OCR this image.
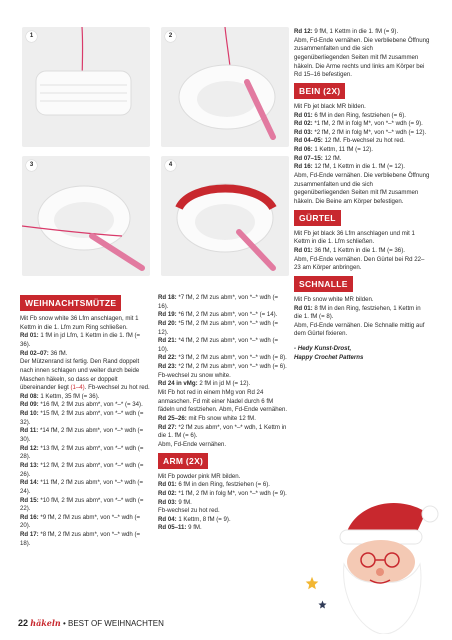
1	2
3	4
WEIHNACHTSMÜTZE

Mit Fb snow white 36 Lfm anschlagen, mit 1 Kettm in die 1. Lfm zum Ring schließen.

Rd 01: 1 fM in jd Lfm, 1 Kettm in die 1. fM (= 36).

Rd 02–07: 36 fM.

Der Mützenrand ist fertig. Den Rand doppelt nach innen schlagen und weiter durch beide Maschen häkeln, so dass er doppelt übereinander liegt (1–4). Fb-wechsel zu hot red.

Rd 08: 1 Kettm, 35 fM (= 36).

Rd 09: *16 fM, 2 fM zus abm*, von *–* (= 34).

Rd 10: *15 fM, 2 fM zus abm*, von *–* wdh (= 32).

Rd 11: *14 fM, 2 fM zus abm*, von *–* wdh (= 30).

Rd 12: *13 fM, 2 fM zus abm*, von *–* wdh (= 28).

Rd 13: *12 fM, 2 fM zus abm*, von *–* wdh (= 26).

Rd 14: *11 fM, 2 fM zus abm*, von *–* wdh (= 24).

Rd 15: *10 fM, 2 fM zus abm*, von *–* wdh (= 22).

Rd 16: *9 fM, 2 fM zus abm*, von *–* wdh (= 20).

Rd 17: *8 fM, 2 fM zus abm*, von *–* wdh (= 18).

Rd 18: *7 fM, 2 fM zus abm*, von *–* wdh (= 16).

Rd 19: *6 fM, 2 fM zus abm*, von *–* (= 14).

Rd 20: *5 fM, 2 fM zus abm*, von *–* wdh (= 12).

Rd 21: *4 fM, 2 fM zus abm*, von *–* wdh (= 10).

Rd 22: *3 fM, 2 fM zus abm*, von *–* wdh (= 8).

Rd 23: *2 fM, 2 fM zus abm*, von *–* wdh (= 6).

Fb-wechsel zu snow white.

Rd 24 in vMg: 2 fM in jd M (= 12).

Mit Fb hot red in einem hMg von Rd 24 anmaschen. Fd mit einer Nadel durch 6 fM fädeln und festziehen. Abm, Fd-Ende vernähen.

Rd 25–26: mit Fb snow white 12 fM.

Rd 27: *2 fM zus abm*, von *–* wdh, 1 Kettm in die 1. fM (= 6).

Abm, Fd-Ende vernähen.

ARM (2X)

Mit Fb powder pink MR bilden.

Rd 01: 6 fM in den Ring, festziehen (= 6).

Rd 02: *1 fM, 2 fM in folg M*, von *–* wdh (= 9).

Rd 03: 9 fM.

Fb-wechsel zu hot red.

Rd 04: 1 Kettm, 8 fM (= 9).

Rd 05–11: 9 fM.

Rd 12: 9 fM, 1 Kettm in die 1. fM (= 9).

Abm, Fd-Ende vernähen. Die verbliebene Öffnung zusammenfalten und die sich gegenüberliegenden Seiten mit fM zusammen häkeln. Die Arme rechts und links am Körper bei Rd 15–16 befestigen.

BEIN (2X)

Mit Fb jet black MR bilden.

Rd 01: 6 fM in den Ring, festziehen (= 6).

Rd 02: *1 fM, 2 fM in folg M*, von *–* wdh (= 9).

Rd 03: *2 fM, 2 fM in folg M*, von *–* wdh (= 12).

Rd 04–05: 12 fM. Fb-wechsel zu hot red.

Rd 06: 1 Kettm, 11 fM (= 12).

Rd 07–15: 12 fM.

Rd 16: 12 fM, 1 Kettm in die 1. fM (= 12).

Abm, Fd-Ende vernähen. Die verbliebene Öffnung zusammenfalten und die sich gegenüberliegenden Seiten mit fM zusammen häkeln. Die Beine am Körper befestigen.

GÜRTEL

Mit Fb jet black 36 Lfm anschlagen und mit 1 Kettm in die 1. Lfm schließen.

Rd 01: 36 fM, 1 Kettm in die 1. fM (= 36).

Abm, Fd-Ende vernähen. Den Gürtel bei Rd 22–23 am Körper anbringen.

SCHNALLE

Mit Fb snow white MR bilden.

Rd 01: 8 fM in den Ring, festziehen, 1 Kettm in die 1. fM (= 8).

Abm, Fd-Ende vernähen. Die Schnalle mittig auf dem Gürtel fixieren.

- Hedy Kunst-Drost,

Happy Crochet Patterns

22 häkeln • BEST OF WEIHNACHTEN
